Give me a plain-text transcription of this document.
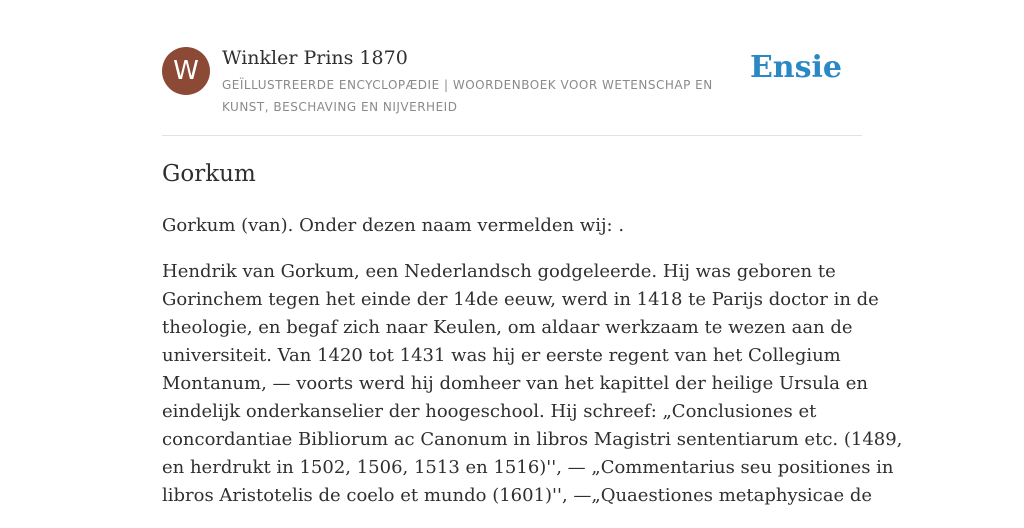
W	Winkler Prins 1870
GEÏLLUSTREERDE ENCYCLOPÆDIE | WOORDENBOEK VOOR WETENSCHAP EN KUNST, BESCHAVING EN NIJVERHEID
Ensie
Gorkum

Gorkum (van). Onder dezen naam vermelden wij: .

Hendrik van Gorkum, een Nederlandsch godgeleerde. Hij was geboren te
Gorinchem tegen het einde der 14de eeuw, werd in 1418 te Parijs doctor in de
theologie, en begaf zich naar Keulen, om aldaar werkzaam te wezen aan de
universiteit. Van 1420 tot 1431 was hij er eerste regent van het Collegium
Montanum, — voorts werd hij domheer van het kapittel der heilige Ursula en
eindelijk onderkanselier der hoogeschool. Hij schreef: „Conclusiones et
concordantiae Bibliorum ac Canonum in libros Magistri sententiarum etc. (1489,
en herdrukt in 1502, 1506, 1513 en 1516)'', — „Commentarius seu positiones in
libros Aristotelis de coelo et mundo (1601)'', —„Quaestiones metaphysicae de
